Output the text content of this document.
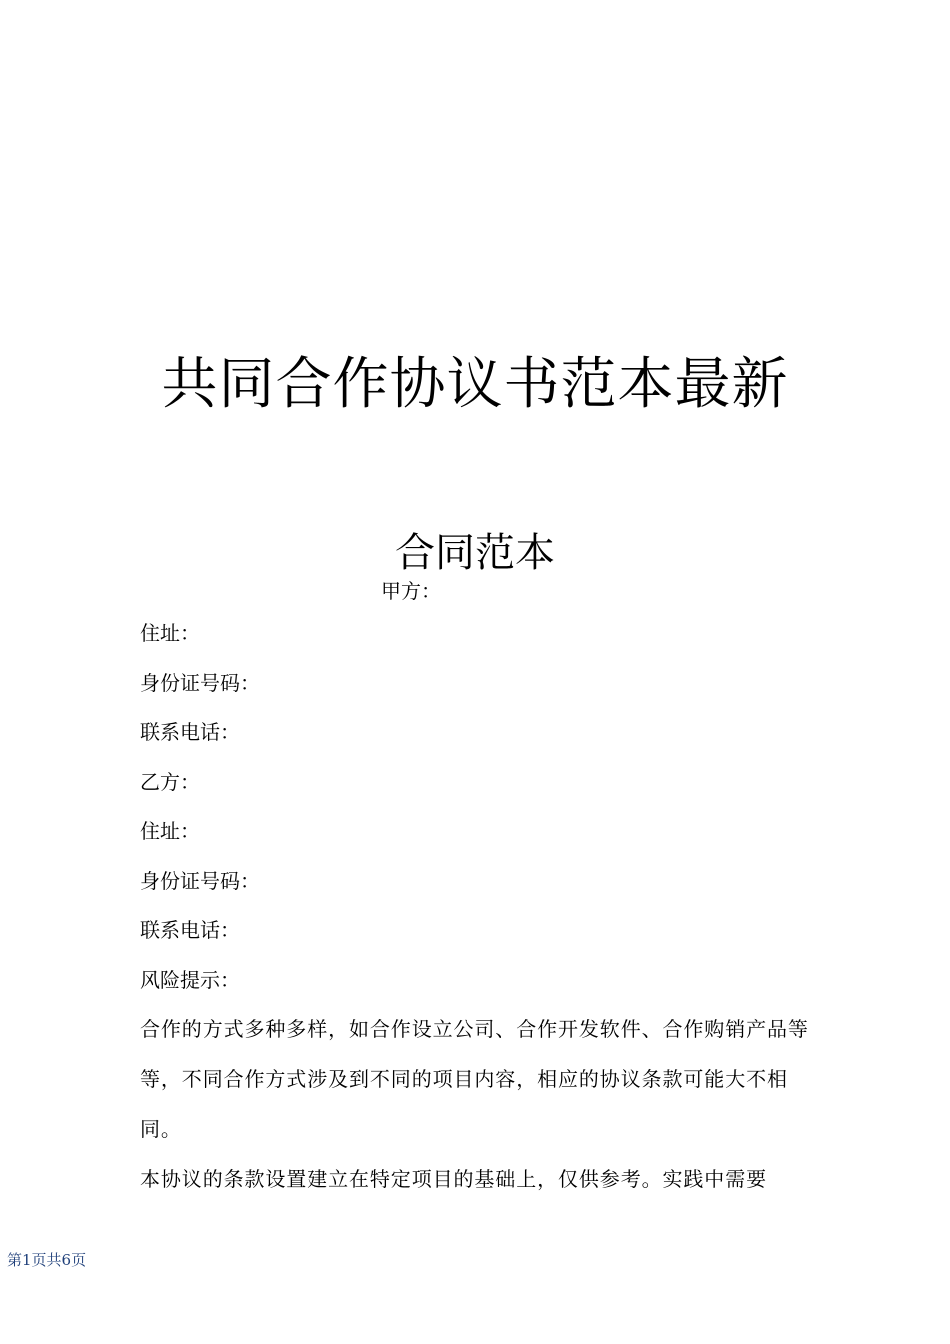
共同合作协议书范本最新
合同范本
甲方：
住址：
身份证号码：
联系电话：
乙方：
住址：
身份证号码：
联系电话：
风险提示：

合作的方式多种多样，如合作设立公司、合作开发软件、合作购销产品等等，不同合作方式涉及到不同的项目内容，相应的协议条款可能大不相同。

本协议的条款设置建立在特定项目的基础上，仅供参考。实践中需要

第1页共6页
